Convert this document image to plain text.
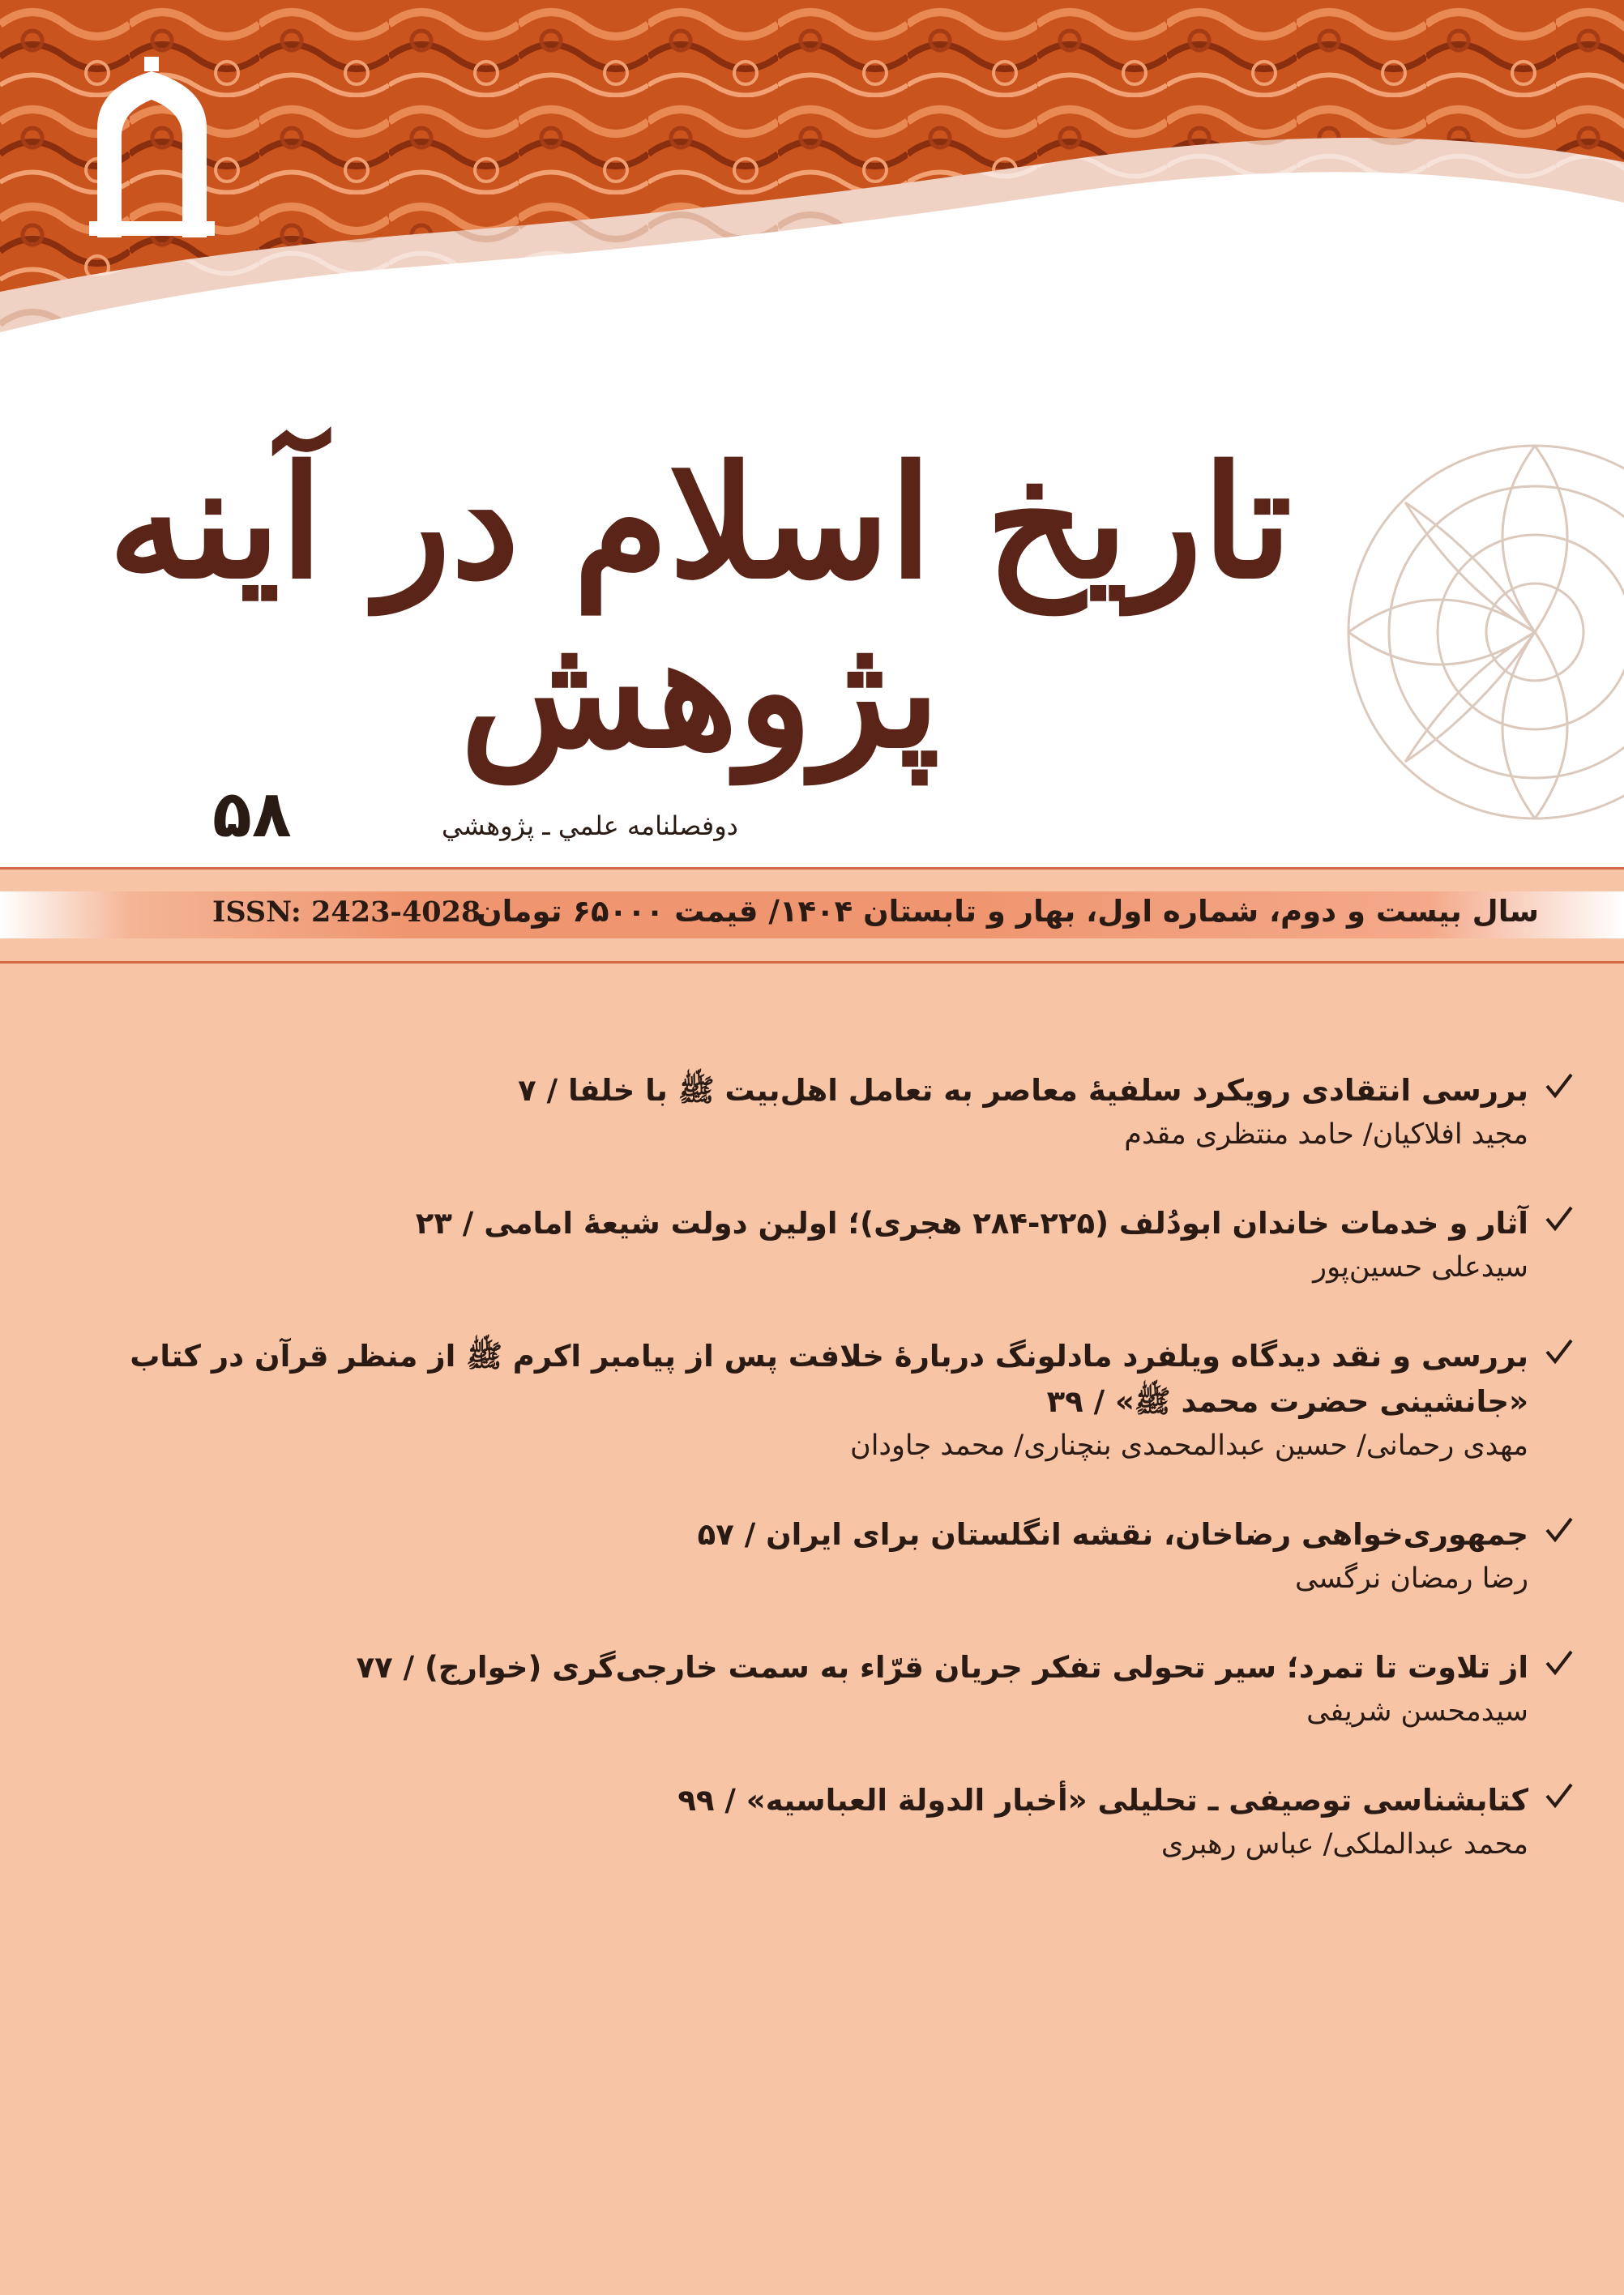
تاریخ اسلام در آینه پژوهش
۵۸	دوفصلنامه علمي ـ پژوهشي
سال بیست و دوم، شماره اول، بهار و تابستان ۱۴۰۴/ قیمت ۶۵۰۰۰ تومان
ISSN: 2423-4028
بررسی انتقادی رویکرد سلفیهٔ معاصر به تعامل اهل‌بیت ﷺ با خلفا / ۷
مجید افلاکیان/ حامد منتظری مقدم
آثار و خدمات خاندان ابودُلف (۲۲۵-۲۸۴ هجری)؛ اولین دولت شیعهٔ امامی / ۲۳
سیدعلی حسین‌پور
بررسی و نقد دیدگاه ویلفرد مادلونگ دربارهٔ خلافت پس از پیامبر اکرم ﷺ از منظر قرآن در کتاب «جانشینی حضرت محمد ﷺ» / ۳۹
مهدی رحمانی/ حسین عبدالمحمدی بنچناری/ محمد جاودان
جمهوری‌خواهی رضاخان، نقشه انگلستان برای ایران / ۵۷
رضا رمضان نرگسی
از تلاوت تا تمرد؛ سیر تحولی تفکر جریان قرّاء به سمت خارجی‌گری (خوارج) / ۷۷
سیدمحسن شریفی
کتابشناسی توصیفی ـ تحلیلی «أخبار الدولة العباسیه» / ۹۹
محمد عبدالملکی/ عباس رهبری
